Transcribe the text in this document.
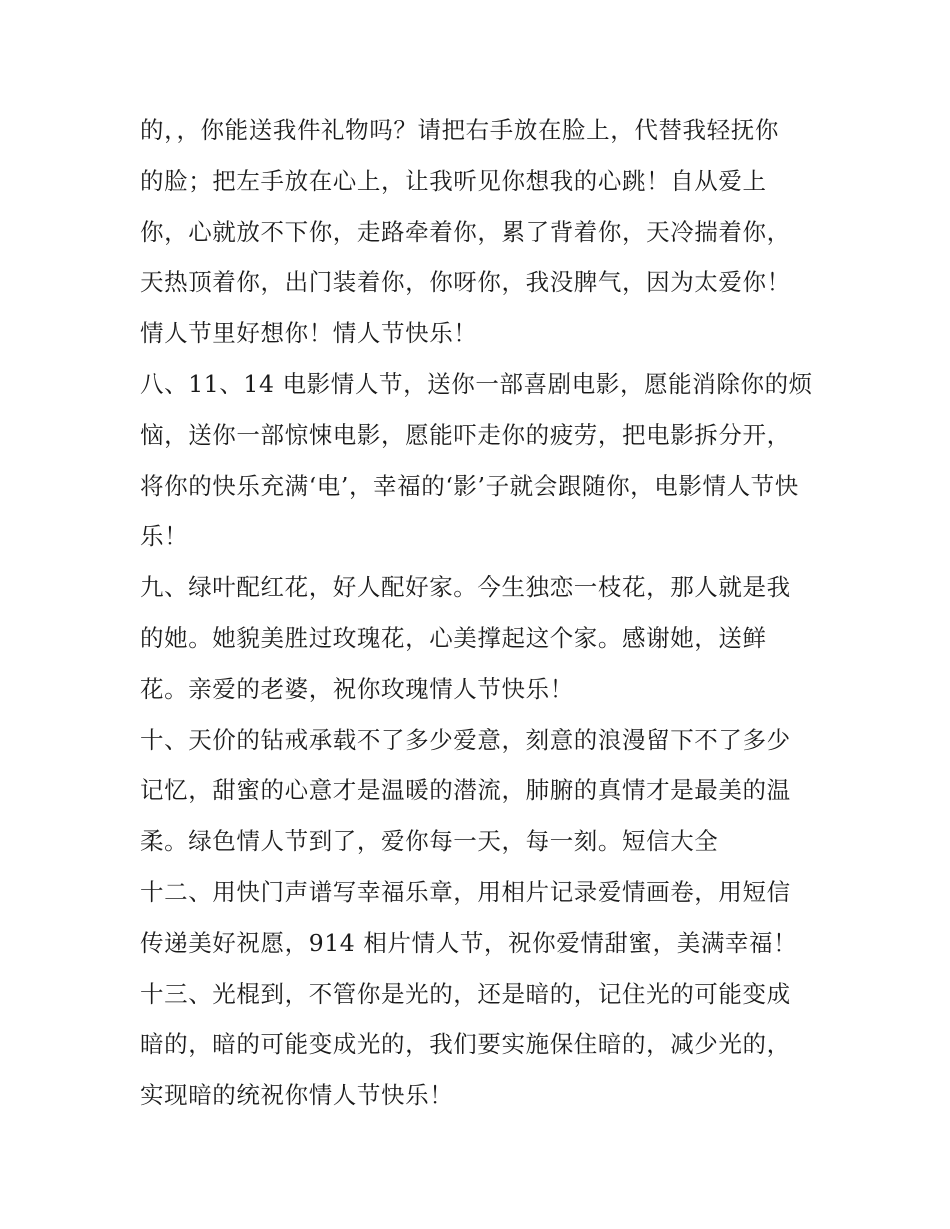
的，，你能送我件礼物吗？请把右手放在脸上，代替我轻抚你
的脸；把左手放在心上，让我听见你想我的心跳！自从爱上
你，心就放不下你，走路牵着你，累了背着你，天冷揣着你，
天热顶着你，出门装着你，你呀你，我没脾气，因为太爱你！
情人节里好想你！情人节快乐！
八、11、14 电影情人节，送你一部喜剧电影，愿能消除你的烦
恼，送你一部惊悚电影，愿能吓走你的疲劳，把电影拆分开，
将你的快乐充满‘电’，幸福的‘影’子就会跟随你，电影情人节快
乐！
九、绿叶配红花，好人配好家。今生独恋一枝花，那人就是我
的她。她貌美胜过玫瑰花，心美撑起这个家。感谢她，送鲜
花。亲爱的老婆，祝你玫瑰情人节快乐！
十、天价的钻戒承载不了多少爱意，刻意的浪漫留下不了多少
记忆，甜蜜的心意才是温暖的潜流，肺腑的真情才是最美的温
柔。绿色情人节到了，爱你每一天，每一刻。短信大全
十二、用快门声谱写幸福乐章，用相片记录爱情画卷，用短信
传递美好祝愿，914 相片情人节，祝你爱情甜蜜，美满幸福！
十三、光棍到，不管你是光的，还是暗的，记住光的可能变成
暗的，暗的可能变成光的，我们要实施保住暗的，减少光的，
实现暗的统祝你情人节快乐！
